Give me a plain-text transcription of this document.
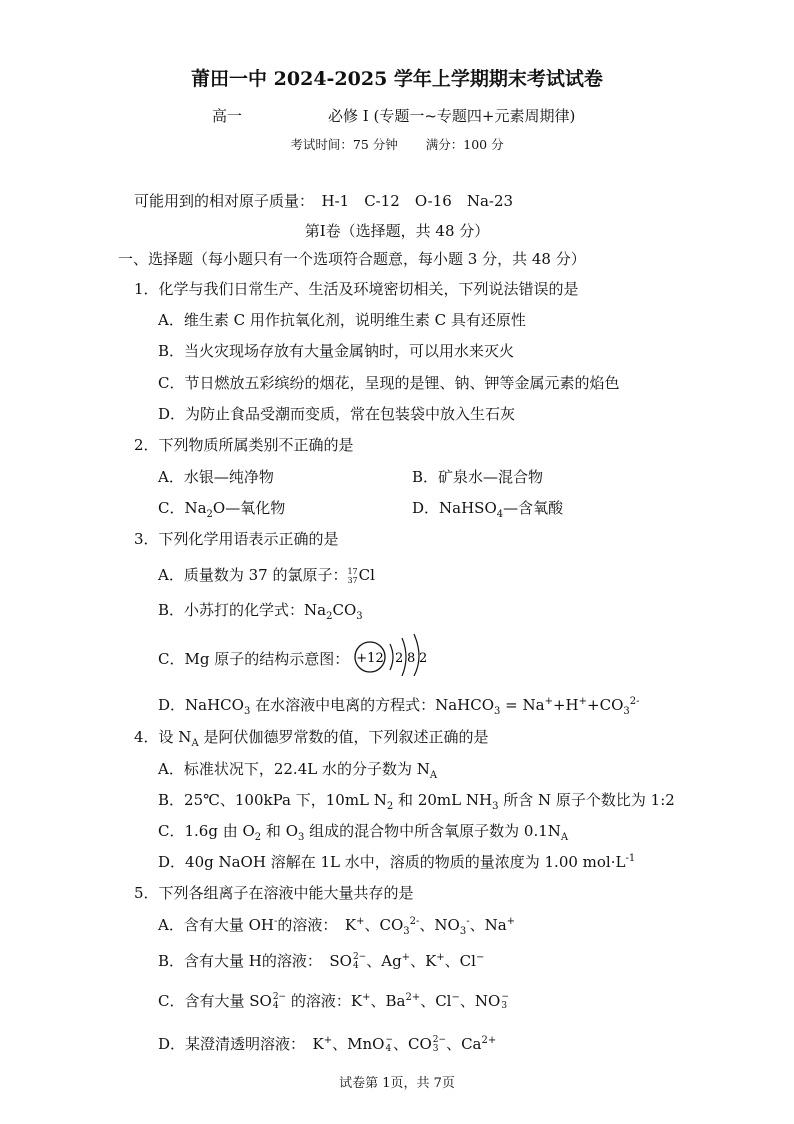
莆田一中 2024-2025 学年上学期期末考试试卷
高一	必修 I (专题一~专题四+元素周期律)
考试时间：75 分钟 满分：100 分
可能用到的相对原子质量：　H-1　C-12　O-16　Na-23
第Ⅰ卷（选择题，共 48 分）
一、选择题（每小题只有一个选项符合题意，每小题 3 分，共 48 分）
1．化学与我们日常生产、生活及环境密切相关，下列说法错误的是
A．维生素 C 用作抗氧化剂，说明维生素 C 具有还原性
B．当火灾现场存放有大量金属钠时，可以用水来灭火
C．节日燃放五彩缤纷的烟花，呈现的是锂、钠、钾等金属元素的焰色
D．为防止食品受潮而变质，常在包装袋中放入生石灰
2．下列物质所属类别不正确的是
A．水银—纯净物	B．矿泉水—混合物
C．$Na_2O—$氧化物	D．NaHSO$_4$—含氧酸
3．下列化学用语表示正确的是
A．质量数为 37 的氯原子：17
37Cl
B．小苏打的化学式：$Na_2CO_3$
C．Mg 原子的结构示意图： +12 2 8 2
D．NaHCO$_3$ 在水溶液中电离的方程式：NaHCO$_3$ = $Na^++H^++CO_3^{2-}$
4．设 $N_A$ 是阿伏伽德罗常数的值，下列叙述正确的是
A．标准状况下，22.4L 水的分子数为 $N_A$
B．25℃、100kPa 下，10mL $N_2$ 和 20mL $NH_3$ 所含 N 原子个数比为 1:2
C．1.6g 由 $O_2$ 和 $O_3$ 组成的混合物中所含氧原子数为 $0.1N_A$
D．40g NaOH 溶解在 1L 水中，溶质的物质的量浓度为 1.00 $mol\cdot L^{-1}$
5．下列各组离子在溶液中能大量共存的是
A．含有大量 OH-的溶液：　K+、$CO_3^{2-}$、$NO_3^-$、Na+
B．含有大量 H的溶液：　SO2−
4 、Ag+、K+、Cl−
C．含有大量 SO2−
4 的溶液：K+、$Ba^{2+}$、Cl−、NO−
3
D．某澄清透明溶液：　K+、MnO−
4 、CO2−
3 、$Ca^{2+}$
试卷第 1页，共 7页
